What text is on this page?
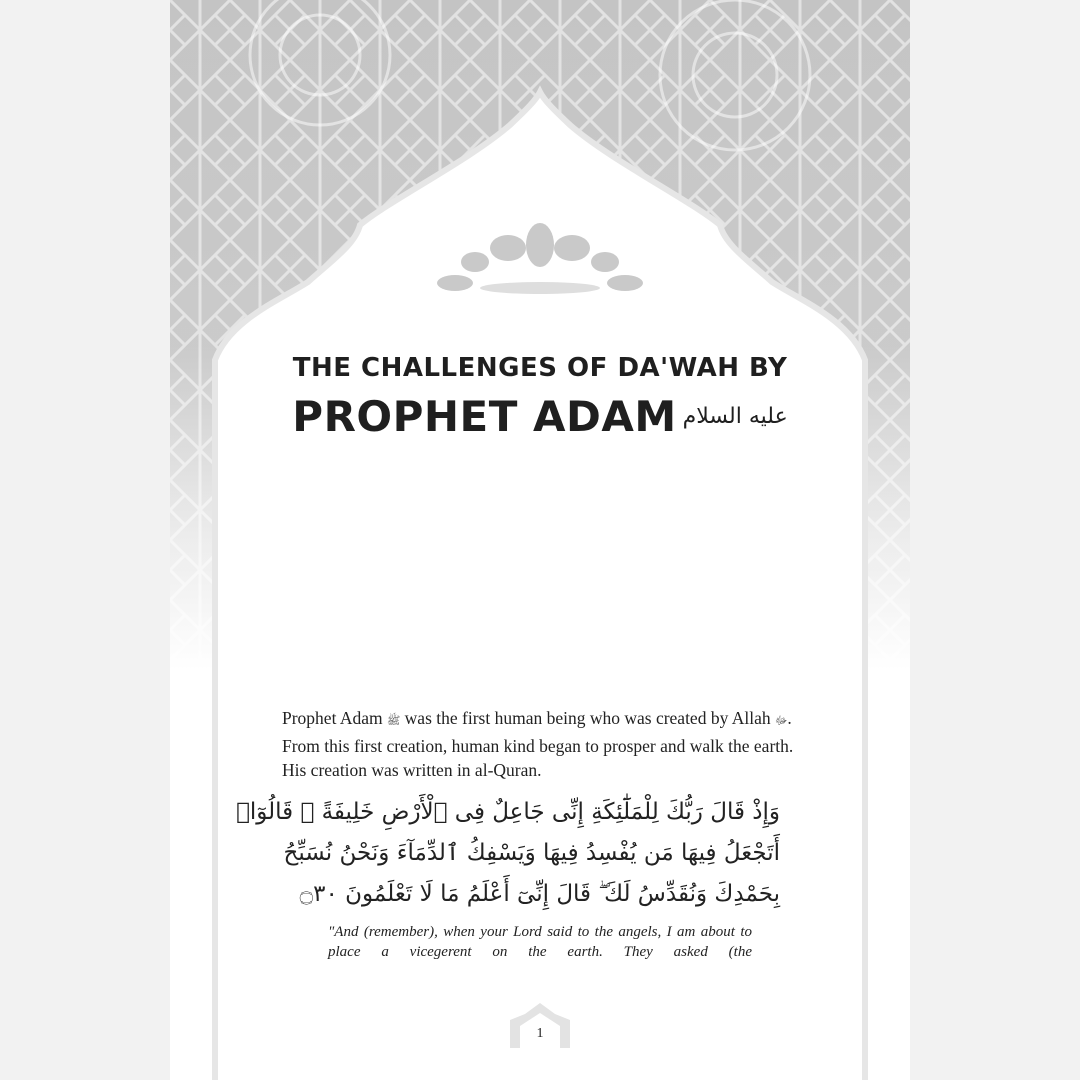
THE CHALLENGES OF DA'WAH BY
PROPHET ADAM عليه السلام
Prophet Adam ﷺ was the first human being who was created by Allah ﷻ. From this first creation, human kind began to prosper and walk the earth. His creation was written in al-Quran.
وَإِذْ قَالَ رَبُّكَ لِلْمَلَٰٓئِكَةِ إِنِّى جَاعِلٌ فِى ٱلْأَرْضِ خَلِيفَةً ۖ قَالُوٓا۟
أَتَجْعَلُ فِيهَا مَن يُفْسِدُ فِيهَا وَيَسْفِكُ ٱلدِّمَآءَ وَنَحْنُ نُسَبِّحُ
بِحَمْدِكَ وَنُقَدِّسُ لَكَ ۖ قَالَ إِنِّىٓ أَعْلَمُ مَا لَا تَعْلَمُونَ ۝٣٠
"And (remember), when your Lord said to the angels, I am about to place a vicegerent on the earth. They asked (the
1
